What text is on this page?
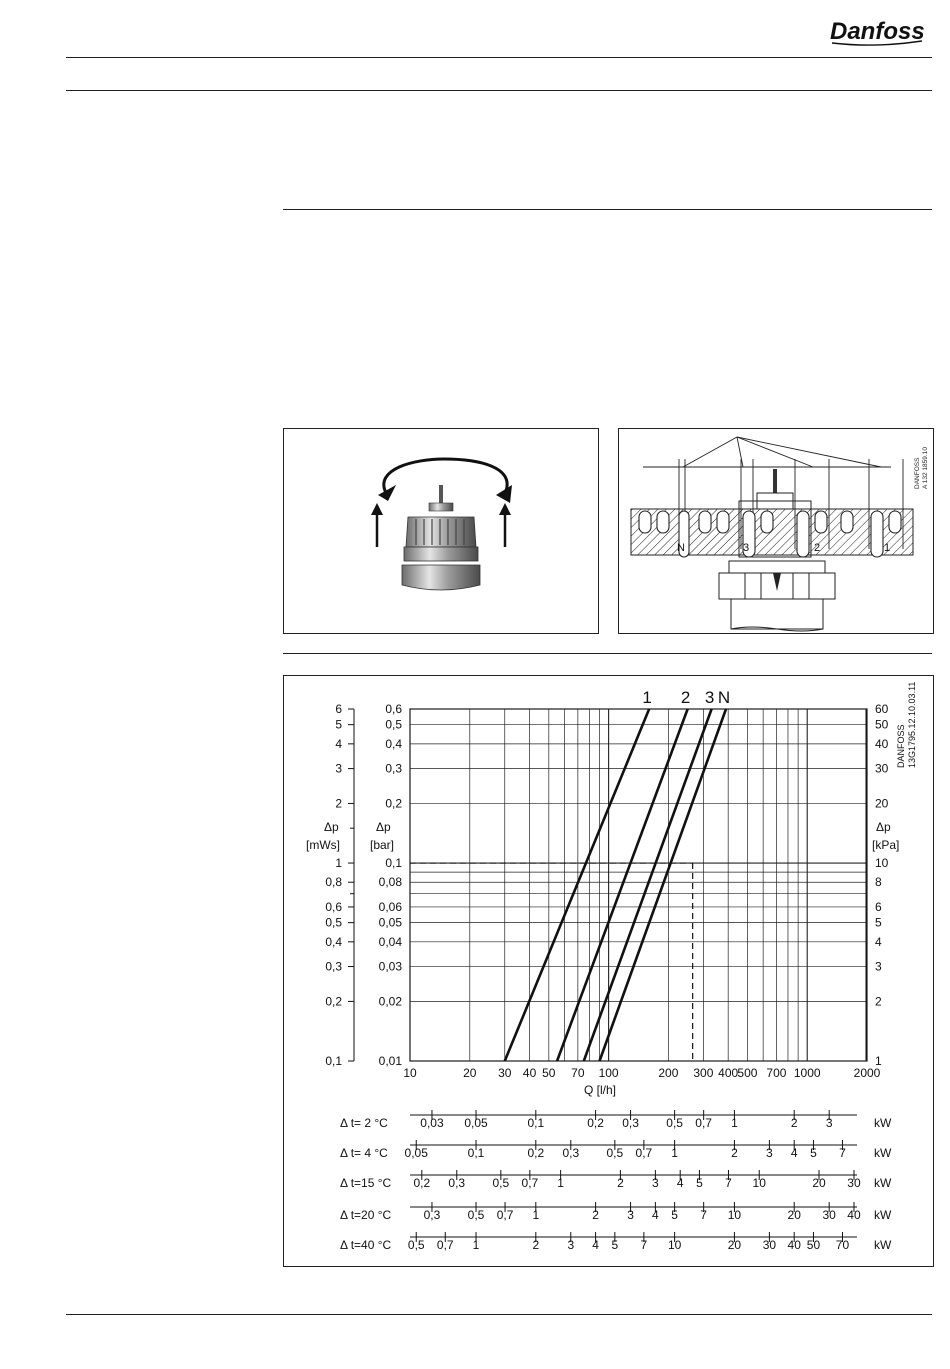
Danfoss
DANFOSS A 132 1859.10
N	3	2	1
DANFOSS 13G1795.12.10.03.11
Δp
[mWs]
Δp
[bar]
Δp
[kPa]
Q [l/h]
6	0,6	60
5	0,5	50
4	0,4	40
3	0,3	30
2	0,2	20
1	0,1	10
0,8	0,08	8
0,6	0,06	6
0,5	0,05	5
0,4	0,04	4
0,3	0,03	3
0,2	0,02	2
0,1	0,01	1
10	20 30 40 50 70 100	200 300 400 500 700 1000	2000
1 2 3 N
Δ t= 2 °C	0,03 0,05	0,1	0,2 0,3 0,5 0,7 1	2 3	kW
Δ t= 4 °C 0,05	0,1	0,2 0,3 0,5 0,7 1	2 3 4 5 7 kW
Δ t=15 °C 0,2 0,3 0,5 0,7 1	2 3 4 5 7 10	20 30 kW
Δ t=20 °C	0,3 0,5 0,7 1	2 3 4 5 7 10	20 30 40 kW
Δ t=40 °C 0,5 0,7 1	2 3 4 5 7 10	20 30 40 50 70 kW
